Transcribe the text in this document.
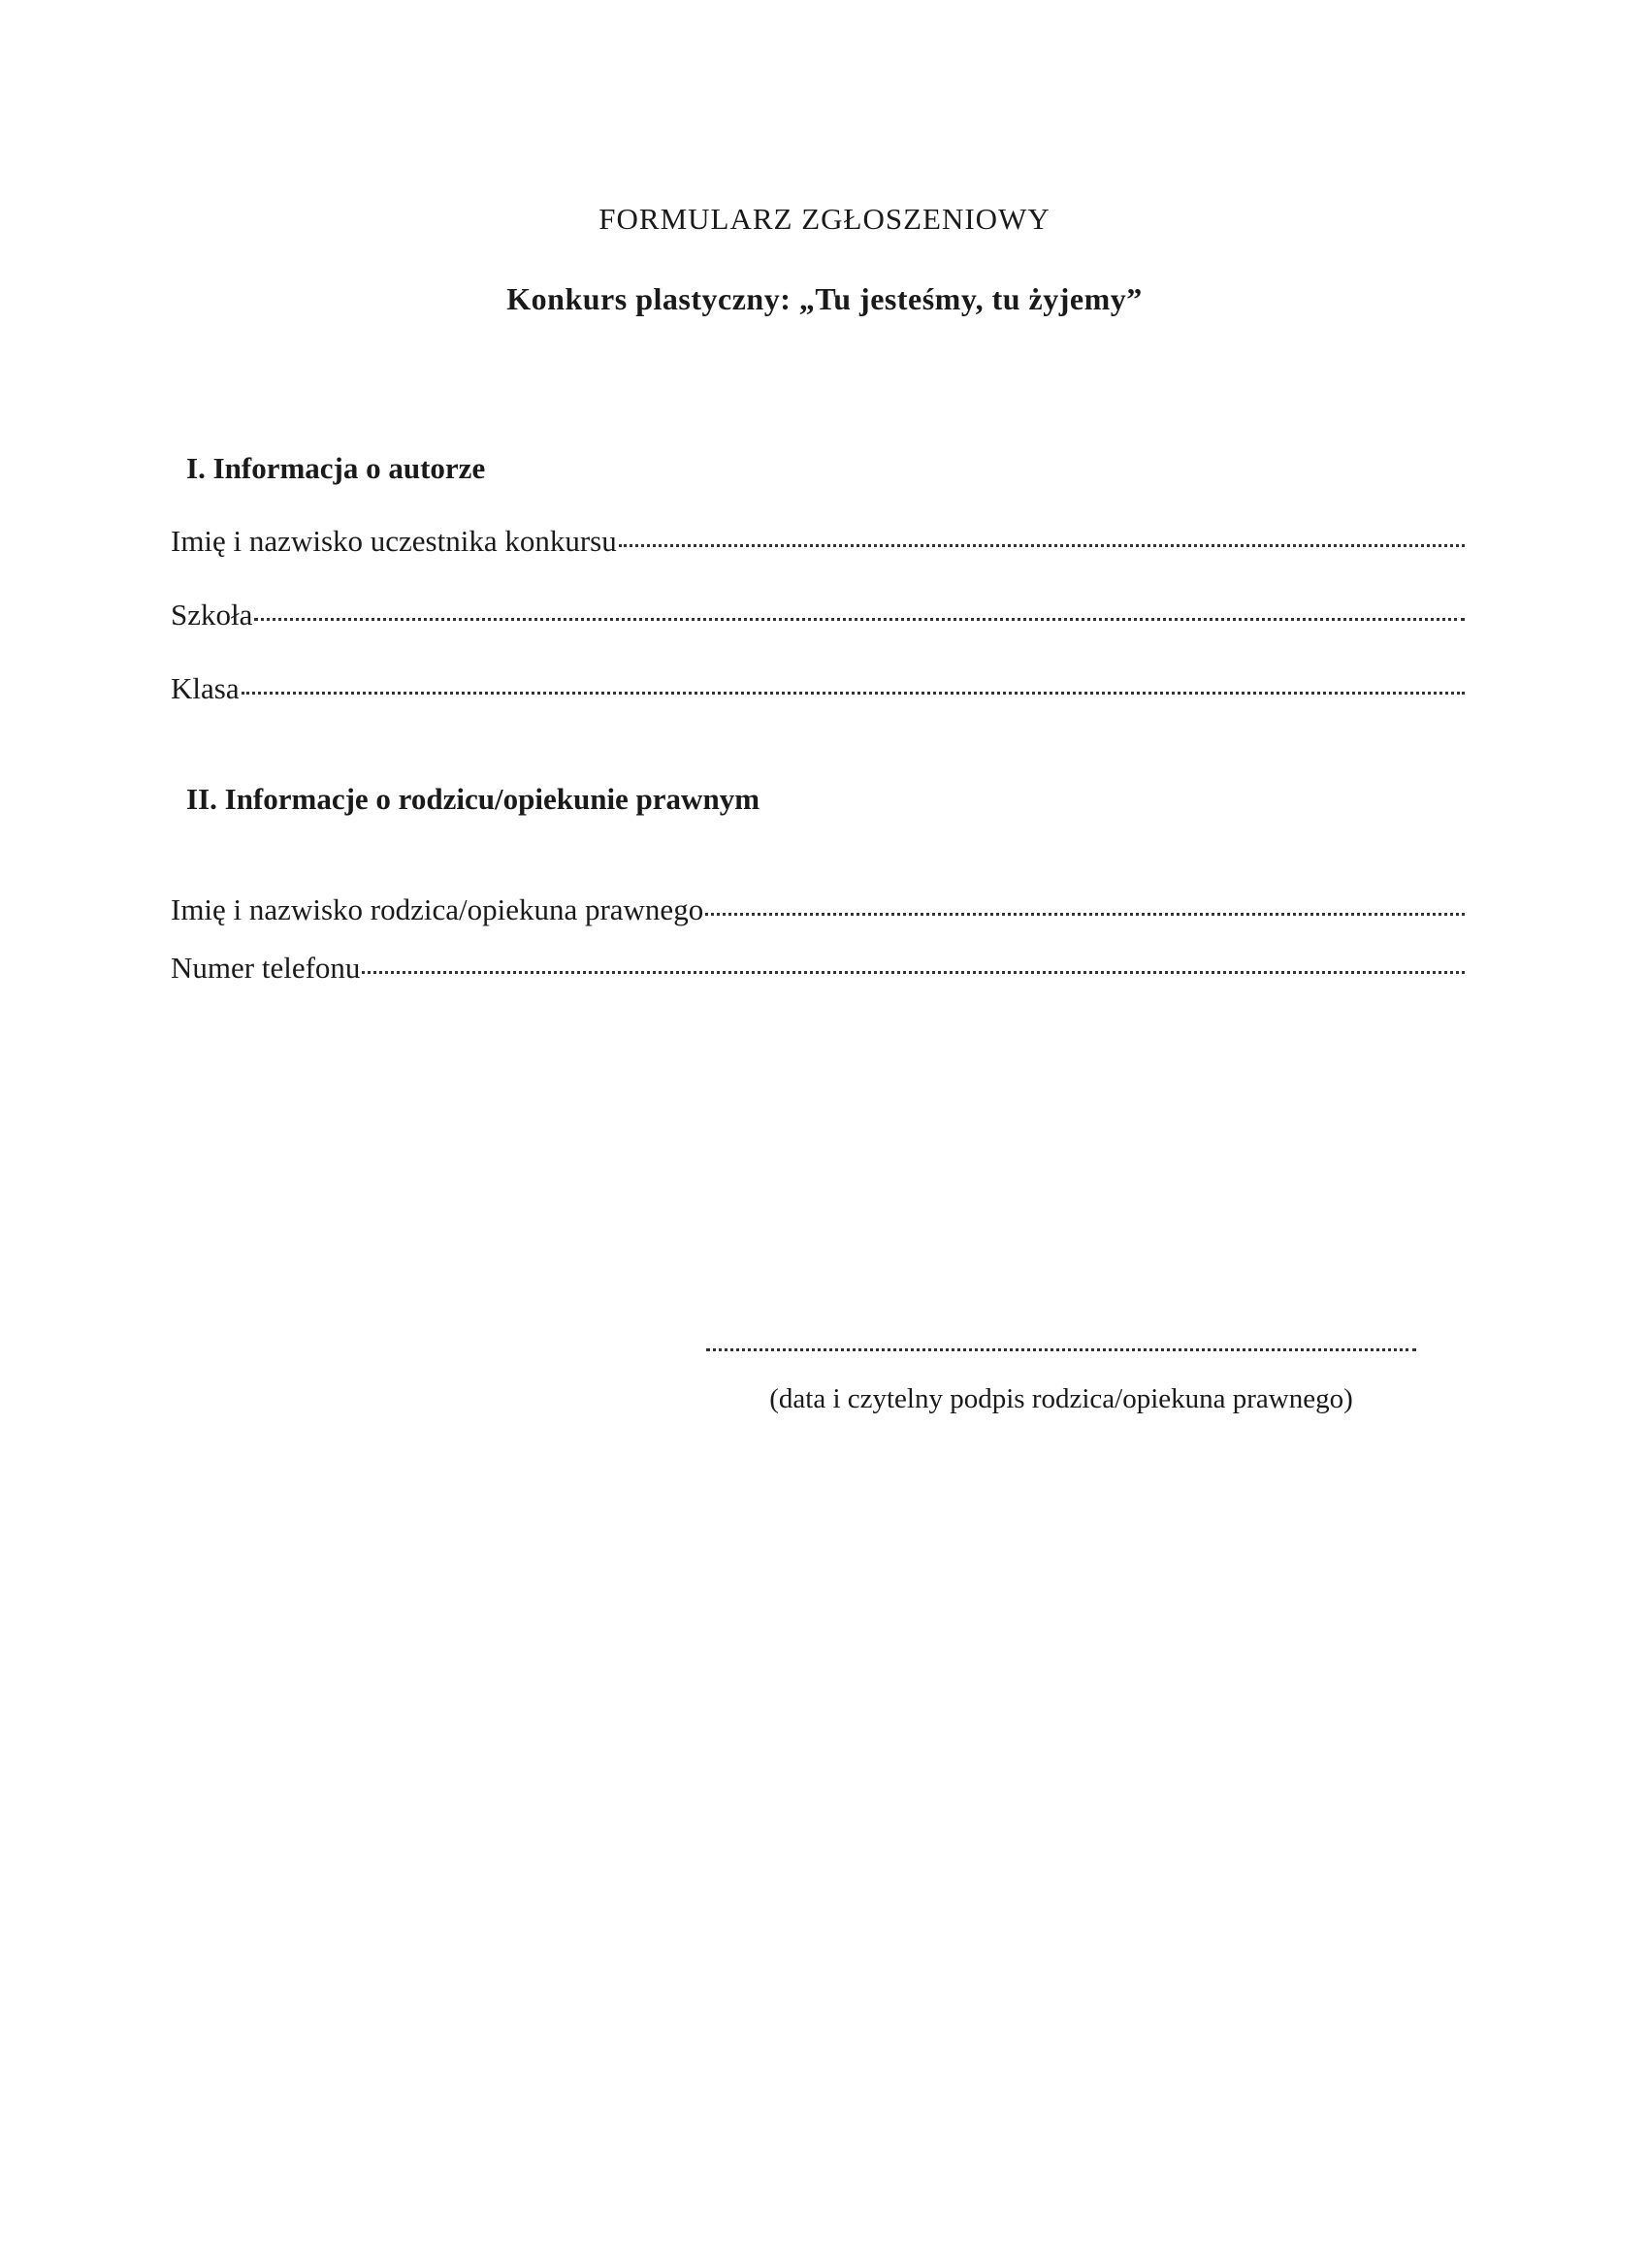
FORMULARZ ZGŁOSZENIOWY
Konkurs plastyczny: „Tu jesteśmy, tu żyjemy”
I. Informacja o autorze
Imię i nazwisko uczestnika konkursu
Szkoła
Klasa
II. Informacje o rodzicu/opiekunie prawnym
Imię i nazwisko rodzica/opiekuna prawnego
Numer telefonu
(data i czytelny podpis rodzica/opiekuna prawnego)
